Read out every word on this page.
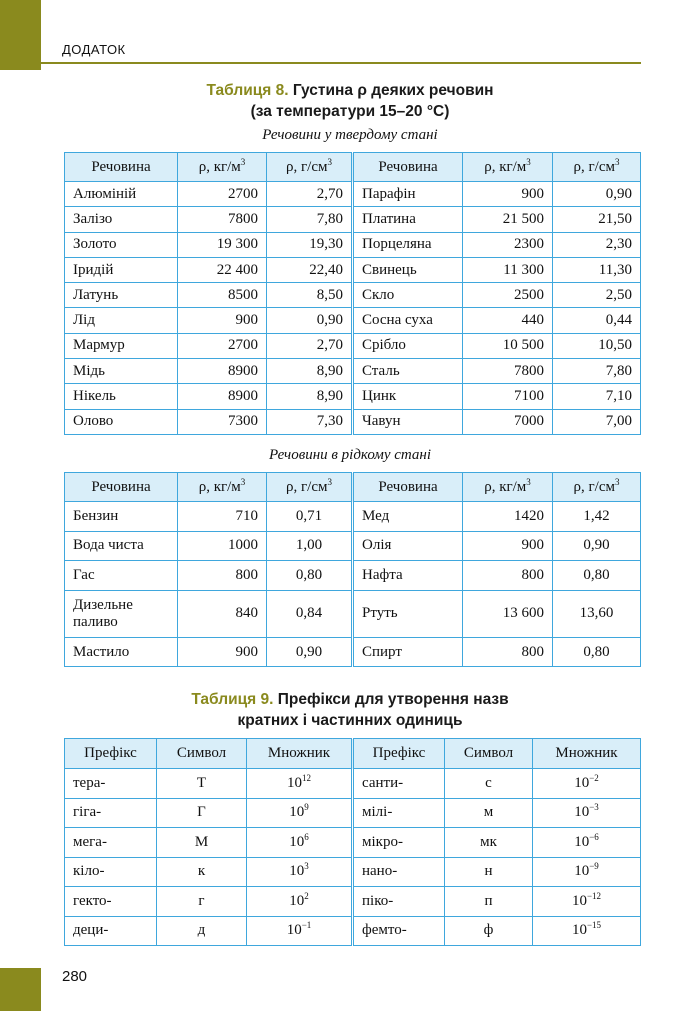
ДОДАТОК
Таблиця 8. Густина ρ деяких речовин
(за температури 15–20 °С)
Речовини у твердому стані
Речовина	ρ, $кг/м^3$	ρ, $г/см^3$	Речовина	ρ, $кг/м^3$	ρ, $г/см^3$
Алюміній	2700	2,70	Парафін	900	0,90
Залізо	7800	7,80	Платина	21 500	21,50
Золото	19 300	19,30	Порцеляна	2300	2,30
Іридій	22 400	22,40	Свинець	11 300	11,30
Латунь	8500	8,50	Скло	2500	2,50
Лід	900	0,90	Сосна суха	440	0,44
Мармур	2700	2,70	Срібло	10 500	10,50
Мідь	8900	8,90	Сталь	7800	7,80
Нікель	8900	8,90	Цинк	7100	7,10
Олово	7300	7,30	Чавун	7000	7,00
Речовини в рідкому стані
Речовина	ρ, $кг/м^3$	ρ, $г/см^3$	Речовина	ρ, $кг/м^3$	ρ, $г/см^3$
Бензин	710	0,71	Мед	1420	1,42
Вода чиста	1000	1,00	Олія	900	0,90
Гас	800	0,80	Нафта	800	0,80
Дизельне паливо	840	0,84	Ртуть	13 600	13,60
Мастило	900	0,90	Спирт	800	0,80
Таблиця 9. Префікси для утворення назв
кратних і частинних одиниць
Префікс	Символ	Множник	Префікс	Символ	Множник
тера-	Т	$10^{12}$	санти-	с	$10^{-2}$
гіга-	Г	$10^9$	мілі-	м	$10^{-3}$
мега-	М	$10^6$	мікро-	мк	$10^{-6}$
кіло-	к	$10^3$	нано-	н	$10^{-9}$
гекто-	г	$10^2$	піко-	п	$10^{-12}$
деци-	д	$10^{-1}$	фемто-	ф	$10^{-15}$
280
